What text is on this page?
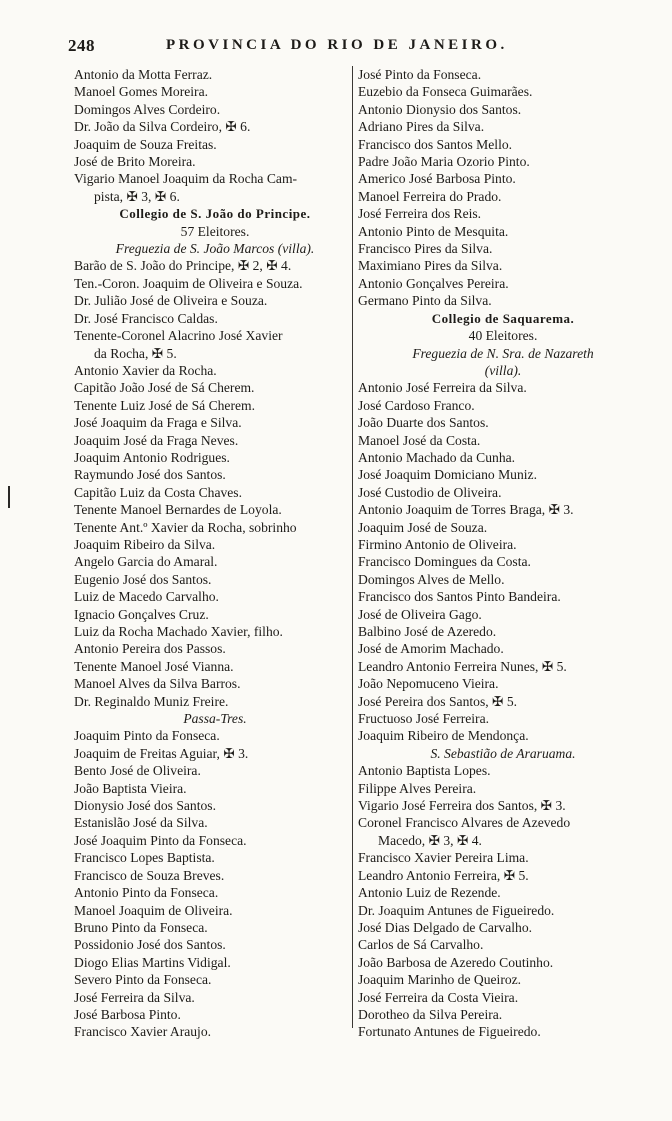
248	PROVINCIA DO RIO DE JANEIRO.
Antonio da Motta Ferraz.
Manoel Gomes Moreira.
Domingos Alves Cordeiro.
Dr. João da Silva Cordeiro, ✠ 6.
Joaquim de Souza Freitas.
José de Brito Moreira.
Vigario Manoel Joaquim da Rocha Cam-
pista, ✠ 3, ✠ 6.
Collegio de S. João do Principe.
57 Eleitores.
Freguezia de S. João Marcos (villa).
Barão de S. João do Principe, ✠ 2, ✠ 4.
Ten.-Coron. Joaquim de Oliveira e Souza.
Dr. Julião José de Oliveira e Souza.
Dr. José Francisco Caldas.
Tenente-Coronel Alacrino José Xavier
da Rocha, ✠ 5.
Antonio Xavier da Rocha.
Capitão João José de Sá Cherem.
Tenente Luiz José de Sá Cherem.
José Joaquim da Fraga e Silva.
Joaquim José da Fraga Neves.
Joaquim Antonio Rodrigues.
Raymundo José dos Santos.
Capitão Luiz da Costa Chaves.
Tenente Manoel Bernardes de Loyola.
Tenente Ant.º Xavier da Rocha, sobrinho
Joaquim Ribeiro da Silva.
Angelo Garcia do Amaral.
Eugenio José dos Santos.
Luiz de Macedo Carvalho.
Ignacio Gonçalves Cruz.
Luiz da Rocha Machado Xavier, filho.
Antonio Pereira dos Passos.
Tenente Manoel José Vianna.
Manoel Alves da Silva Barros.
Dr. Reginaldo Muniz Freire.
Passa-Tres.
Joaquim Pinto da Fonseca.
Joaquim de Freitas Aguiar, ✠ 3.
Bento José de Oliveira.
João Baptista Vieira.
Dionysio José dos Santos.
Estanislão José da Silva.
José Joaquim Pinto da Fonseca.
Francisco Lopes Baptista.
Francisco de Souza Breves.
Antonio Pinto da Fonseca.
Manoel Joaquim de Oliveira.
Bruno Pinto da Fonseca.
Possidonio José dos Santos.
Diogo Elias Martins Vidigal.
Severo Pinto da Fonseca.
José Ferreira da Silva.
José Barbosa Pinto.
Francisco Xavier Araujo.
José Pinto da Fonseca.
Euzebio da Fonseca Guimarães.
Antonio Dionysio dos Santos.
Adriano Pires da Silva.
Francisco dos Santos Mello.
Padre João Maria Ozorio Pinto.
Americo José Barbosa Pinto.
Manoel Ferreira do Prado.
José Ferreira dos Reis.
Antonio Pinto de Mesquita.
Francisco Pires da Silva.
Maximiano Pires da Silva.
Antonio Gonçalves Pereira.
Germano Pinto da Silva.
Collegio de Saquarema.
40 Eleitores.
Freguezia de N. Sra. de Nazareth
(villa).
Antonio José Ferreira da Silva.
José Cardoso Franco.
João Duarte dos Santos.
Manoel José da Costa.
Antonio Machado da Cunha.
José Joaquim Domiciano Muniz.
José Custodio de Oliveira.
Antonio Joaquim de Torres Braga, ✠ 3.
Joaquim José de Souza.
Firmino Antonio de Oliveira.
Francisco Domingues da Costa.
Domingos Alves de Mello.
Francisco dos Santos Pinto Bandeira.
José de Oliveira Gago.
Balbino José de Azeredo.
José de Amorim Machado.
Leandro Antonio Ferreira Nunes, ✠ 5.
João Nepomuceno Vieira.
José Pereira dos Santos, ✠ 5.
Fructuoso José Ferreira.
Joaquim Ribeiro de Mendonça.
S. Sebastião de Araruama.
Antonio Baptista Lopes.
Filippe Alves Pereira.
Vigario José Ferreira dos Santos, ✠ 3.
Coronel Francisco Alvares de Azevedo
Macedo, ✠ 3, ✠ 4.
Francisco Xavier Pereira Lima.
Leandro Antonio Ferreira, ✠ 5.
Antonio Luiz de Rezende.
Dr. Joaquim Antunes de Figueiredo.
José Dias Delgado de Carvalho.
Carlos de Sá Carvalho.
João Barbosa de Azeredo Coutinho.
Joaquim Marinho de Queiroz.
José Ferreira da Costa Vieira.
Dorotheo da Silva Pereira.
Fortunato Antunes de Figueiredo.
